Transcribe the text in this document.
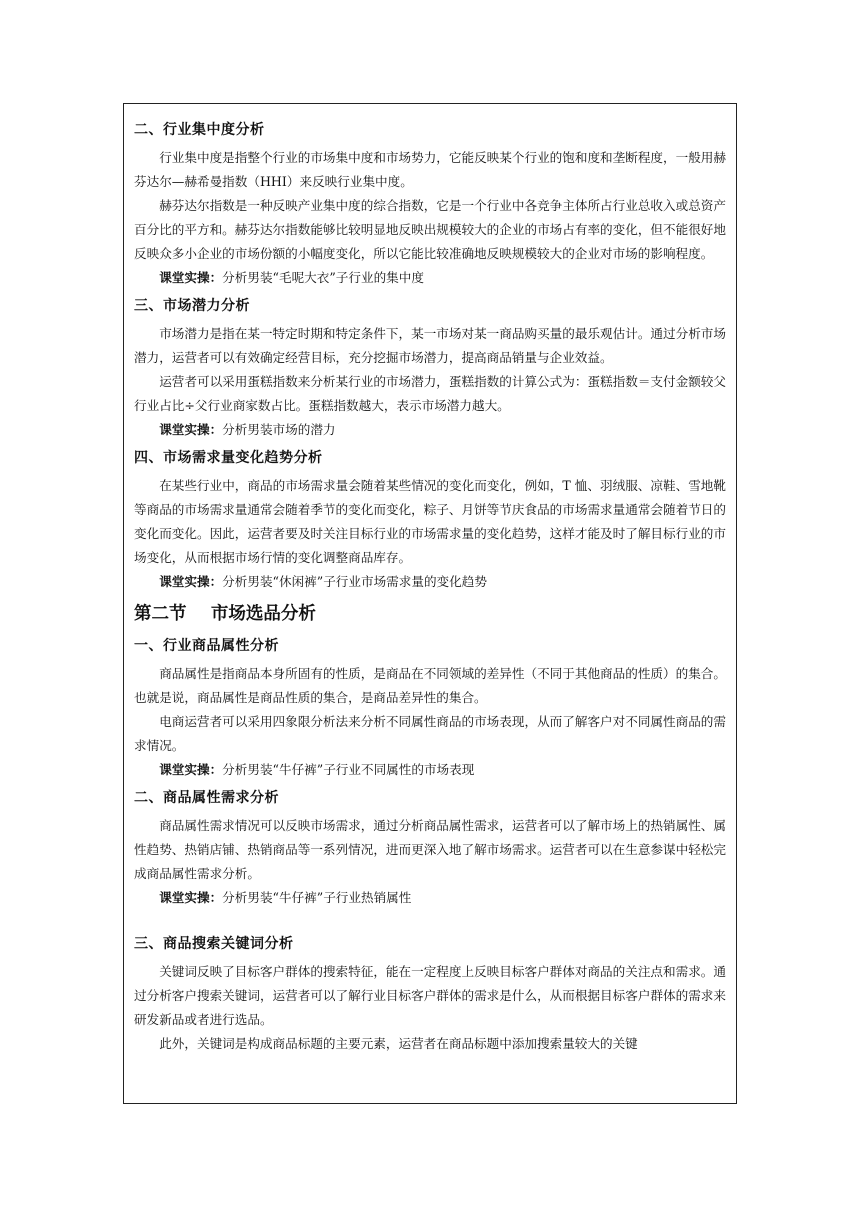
二、行业集中度分析

行业集中度是指整个行业的市场集中度和市场势力，它能反映某个行业的饱和度和垄断程度，一般用赫芬达尔—赫希曼指数（HHI）来反映行业集中度。

赫芬达尔指数是一种反映产业集中度的综合指数，它是一个行业中各竞争主体所占行业总收入或总资产百分比的平方和。赫芬达尔指数能够比较明显地反映出规模较大的企业的市场占有率的变化，但不能很好地反映众多小企业的市场份额的小幅度变化，所以它能比较准确地反映规模较大的企业对市场的影响程度。

课堂实操：分析男装“毛呢大衣”子行业的集中度
三、市场潜力分析

市场潜力是指在某一特定时期和特定条件下，某一市场对某一商品购买量的最乐观估计。通过分析市场潜力，运营者可以有效确定经营目标，充分挖掘市场潜力，提高商品销量与企业效益。

运营者可以采用蛋糕指数来分析某行业的市场潜力，蛋糕指数的计算公式为：蛋糕指数＝支付金额较父行业占比÷父行业商家数占比。蛋糕指数越大，表示市场潜力越大。

课堂实操：分析男装市场的潜力
四、市场需求量变化趋势分析

在某些行业中，商品的市场需求量会随着某些情况的变化而变化，例如，T 恤、羽绒服、凉鞋、雪地靴等商品的市场需求量通常会随着季节的变化而变化，粽子、月饼等节庆食品的市场需求量通常会随着节日的变化而变化。因此，运营者要及时关注目标行业的市场需求量的变化趋势，这样才能及时了解目标行业的市场变化，从而根据市场行情的变化调整商品库存。

课堂实操：分析男装“休闲裤”子行业市场需求量的变化趋势
第二节    市场选品分析
一、行业商品属性分析

商品属性是指商品本身所固有的性质，是商品在不同领域的差异性（不同于其他商品的性质）的集合。也就是说，商品属性是商品性质的集合，是商品差异性的集合。

电商运营者可以采用四象限分析法来分析不同属性商品的市场表现，从而了解客户对不同属性商品的需求情况。

课堂实操：分析男装“牛仔裤”子行业不同属性的市场表现
二、商品属性需求分析

商品属性需求情况可以反映市场需求，通过分析商品属性需求，运营者可以了解市场上的热销属性、属性趋势、热销店铺、热销商品等一系列情况，进而更深入地了解市场需求。运营者可以在生意参谋中轻松完成商品属性需求分析。

课堂实操：分析男装“牛仔裤”子行业热销属性
三、商品搜索关键词分析

关键词反映了目标客户群体的搜索特征，能在一定程度上反映目标客户群体对商品的关注点和需求。通过分析客户搜索关键词，运营者可以了解行业目标客户群体的需求是什么，从而根据目标客户群体的需求来研发新品或者进行选品。

此外，关键词是构成商品标题的主要元素，运营者在商品标题中添加搜索量较大的关键
